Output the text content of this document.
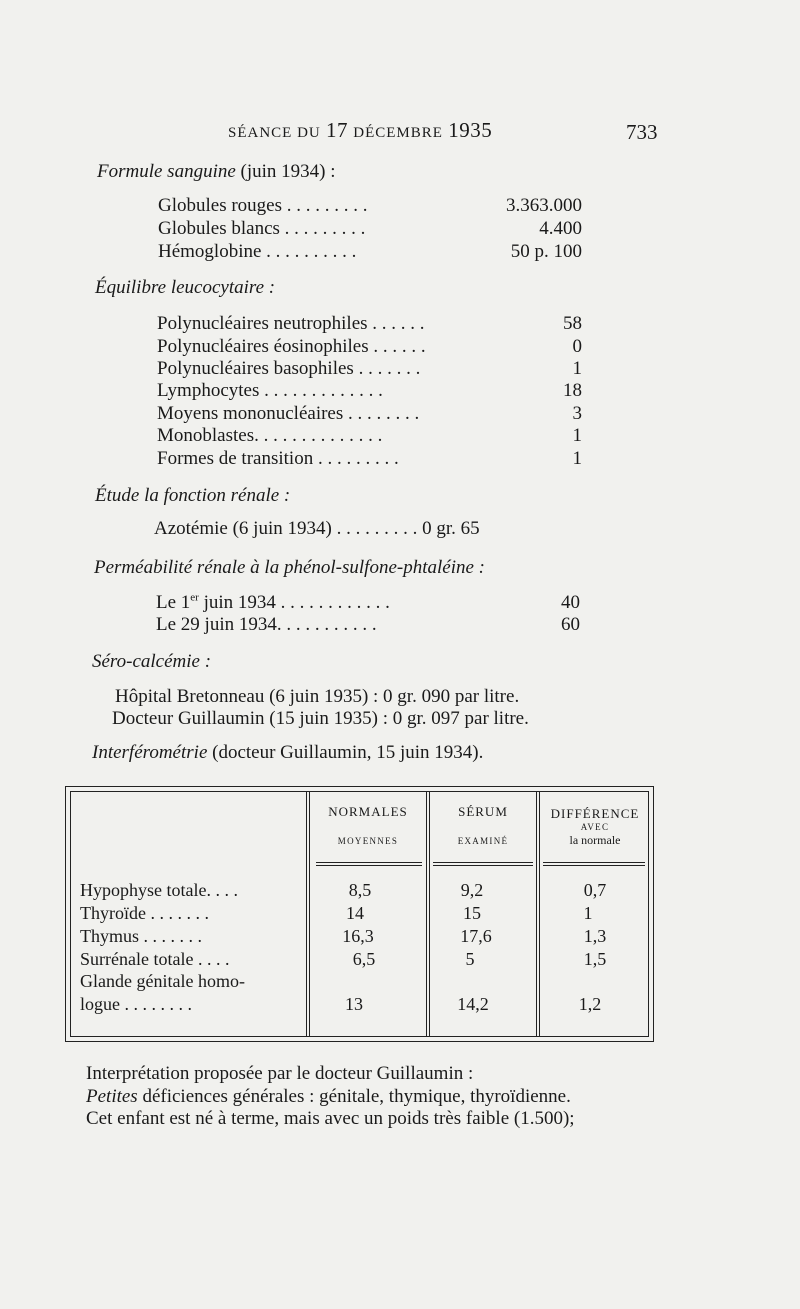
SÉANCE DU 17 DÉCEMBRE 1935	733
Formule sanguine (juin 1934) :
Globules rouges . . . . . . . . .	3.363.000
Globules blancs . . . . . . . . .	4.400
Hémoglobine . . . . . . . . . .	50 p. 100
Équilibre leucocytaire :
Polynucléaires neutrophiles . . . . . .	58
Polynucléaires éosinophiles . . . . . .	0
Polynucléaires basophiles . . . . . . .	1
Lymphocytes . . . . . . . . . . . . .	18
Moyens mononucléaires . . . . . . . .	3
Monoblastes. . . . . . . . . . . . . .	1
Formes de transition . . . . . . . . .	1
Étude la fonction rénale :
Azotémie (6 juin 1934) . . . . . . . . . 0 gr. 65
Perméabilité rénale à la phénol-sulfone-phtaléine :
Le 1er juin 1934 . . . . . . . . . . . .	40
Le 29 juin 1934. . . . . . . . . . .	60
Séro-calcémie :
Hôpital Bretonneau (6 juin 1935) : 0 gr. 090 par litre.
Docteur Guillaumin (15 juin 1935) : 0 gr. 097 par litre.
Interférométrie (docteur Guillaumin, 15 juin 1934).
NORMALES
MOYENNES
SÉRUM
EXAMINÉ
DIFFÉRENCE
AVEC
la normale
Hypophyse totale. . . .	8,5	9,2	0,7
Thyroïde . . . . . . .	14	15	1
Thymus . . . . . . .	16,3	17,6	1,3
Surrénale totale . . . .	6,5	5	1,5
Glande génitale homo-
logue . . . . . . . .	13	14,2	1,2
Interprétation proposée par le docteur Guillaumin :
Petites déficiences générales : génitale, thymique, thyroïdienne.
Cet enfant est né à terme, mais avec un poids très faible (1.500);
